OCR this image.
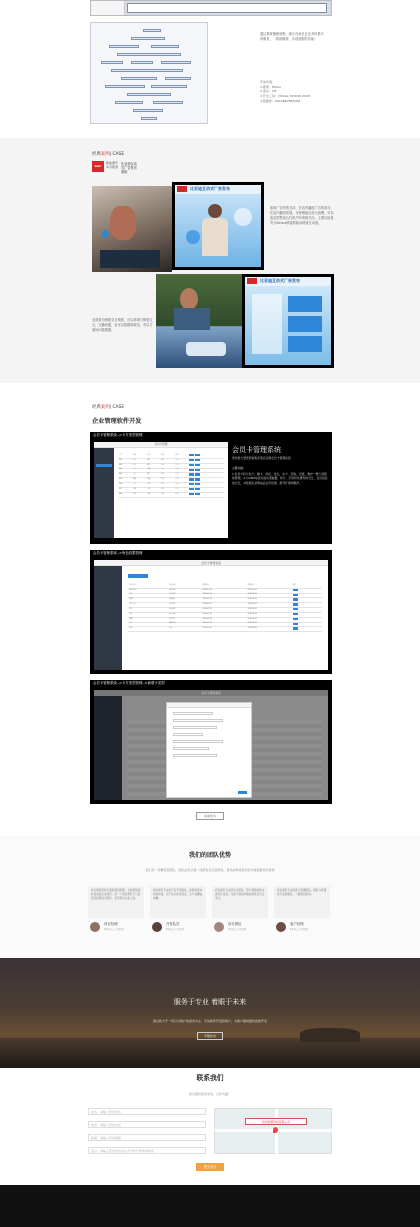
通过系统梳理流程，统计各角色在业务体系中的职责，（系统概要、实现流程的功能）
开发环境：
1.框架：MSVui
2.语言：C#
3.开发工具：VISUAL STUDIO 2008
4.数据库：SQLSERVER2008
经典案例| CASE
GAC
新能源汽车引领者
比亚迪互动式广告发布系统
比亚迪互动式广告发布
如何广告机的支持，在店内播放广告的部分，在店内播放界面，可使增值店设与消费，可以改变型售前台打机汽车的相关出。主要功能是有与Kinect联接的驱动调查互动展。
比亚迪互动式广告发布
业面要为相情交互调度，可以体调与保管交互，完播问题，也可以根据调查结，有以方案场问卷数据。
经典案例| CASE
企业管理软件开发
会员卡管理系统-->卡片类型管理
会员卡管理
卡号	名称	类型	折扣	状态	
001	金卡	VIP	8.5	启用	
002	银卡	VIP	9.0	启用	
003	普卡	普通	9.5	启用	
004	钻卡	VIP	8.0	启用	
005	储值	储值	9.8	启用	
006	员工	内部	7.0	启用	
007	团购	普通	9.0	启用	
008	积分	普通	9.5	启用	
会员卡管理系统
贵州某大型医药销售连锁店定制会员卡管理系统
主要功能：
1.会员卡积分发卡，解卡，折扣，挂失，补卡，回收，充值，维护一整个流程的管理。2.与CRM系统对接实现数据，积分，打折和优惠券的交互，会员信息的交互，并按相应采购成品会员优惠，展开扩展和维护。
会员卡管理系统-->角色权限管理
会员卡管理系统
角色名称	角色描述	创建时间	修改时间	操作
超级管理员	系统管理	2015-01-10	2015-01-10	
店长	门店管理	2015-01-10	2015-01-10	
收银员	收银操作	2015-01-10	2015-01-10	
会员专员	会员管理	2015-01-10	2015-01-10	
财务	财务对账	2015-01-10	2015-01-10	
库管	库存管理	2015-01-10	2015-01-10	
客服	客户服务	2015-01-10	2015-01-10	
审计	数据审核	2015-01-10	2015-01-10	
访客	只读	2015-01-10	2015-01-10	
会员卡管理系统-->卡片类型管理-->新增卡类型
会员卡管理系统
查看更多
我们的团队优势
我们是一家精英型团队，团队成员从事一线研发及运营经验，更是能够将你的需求做到最好的体现
我们拥有经验丰富的项目经理，为能顺利按时高质量完成项目，每一个项目都有专门的项目经理进行跟进，直至项目完美上线。
我们拥有专业的产品开发团队，能够将需求快速实现，对产品功能性保证，让产品精益求精。
我们拥有专业的设计团队，用户界面体验完美设计呈现，为客户提供卓越的视觉及交互设计。
我们拥有专业的客户经理团队，随时为您提供专业的服务，了解您的需求。
项目经理
10年以上工作经验
开发队员
8年以上工作经验
设计团队
5年以上工作经验
客户经理
5年以上工作经验
服务于专业 着眼于未来
我们致力于一切以为客户的需求为主，专注软件开发和客户，为客户提供最优质的开发
无限技术
联系我们
我们期待您的来电，合作共赢！
姓名：请输入您的姓名
电话：请输入您的电话
邮箱：请输入您的邮箱
留言：请输入您的需求我们会尽快与您取得联系
杭州孙栗科技有限公司
提交留言
